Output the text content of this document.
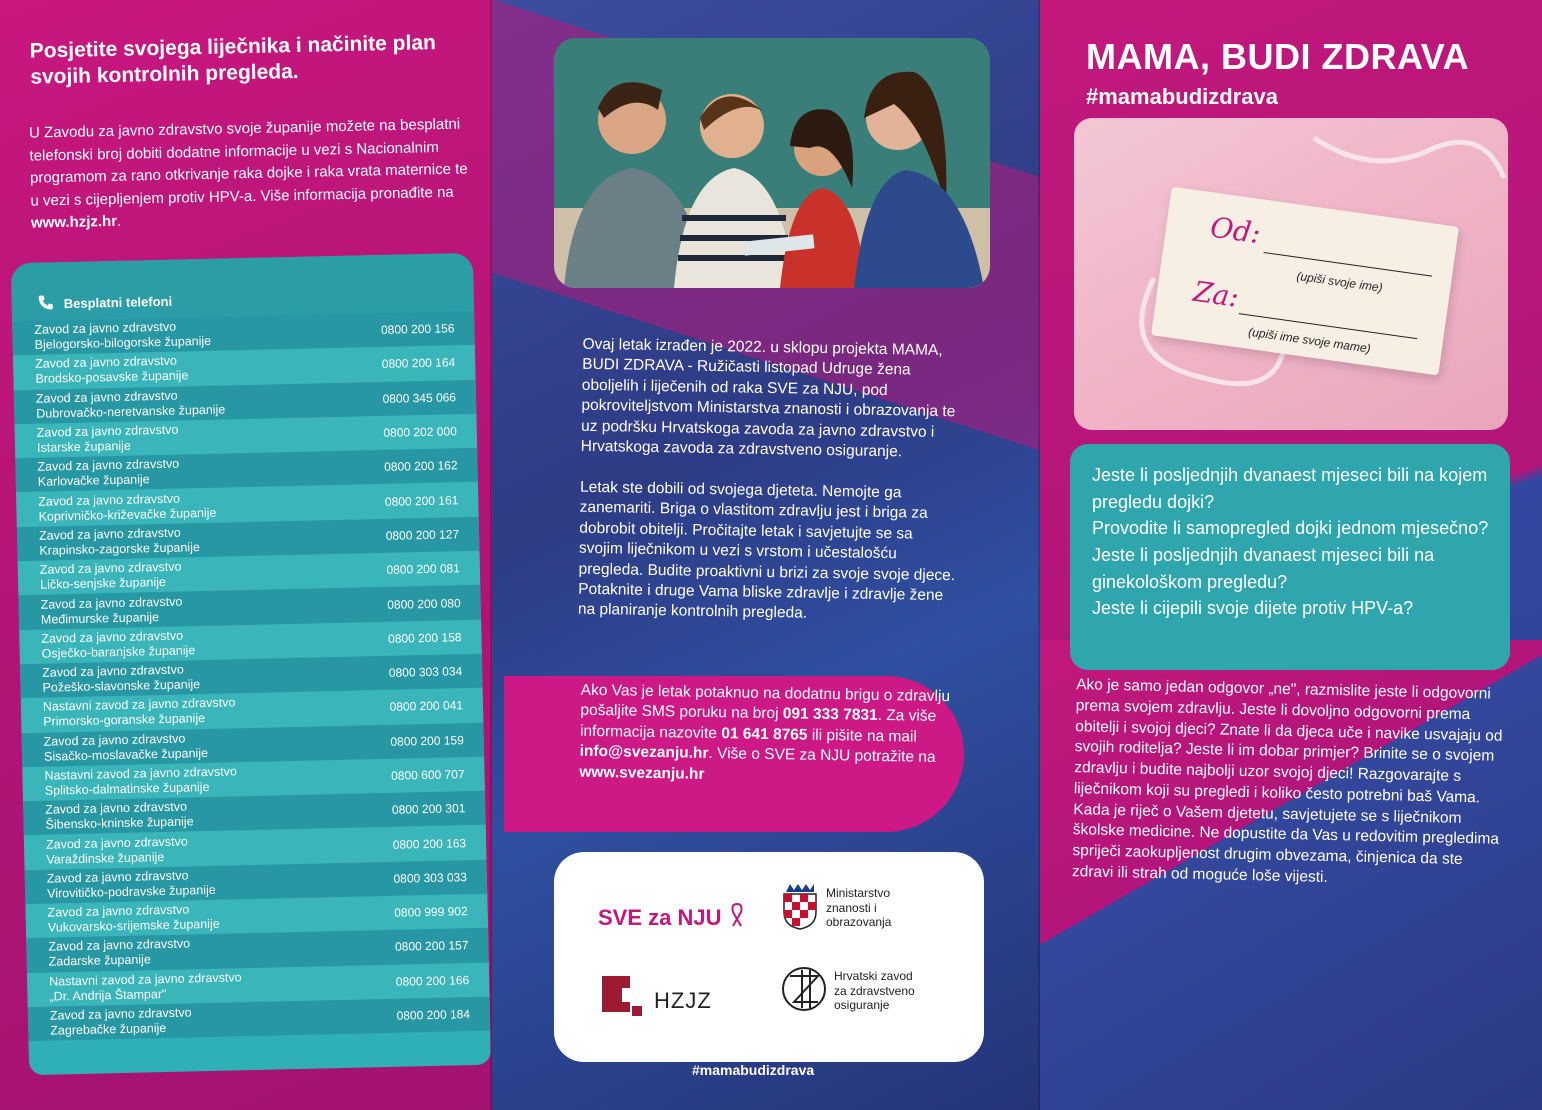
Posjetite svojega liječnika i načinite plan svojih kontrolnih pregleda.

U Zavodu za javno zdravstvo svoje županije možete na besplatni telefonski broj dobiti dodatne informacije u vezi s Nacionalnim programom za rano otkrivanje raka dojke i raka vrata maternice te u vezi s cijepljenjem protiv HPV-a. Više informacija pronađite na www.hzjz.hr.

Besplatni telefoni
Zavod za javno zdravstvo
Bjelogorsko-bilogorske županije
0800 200 156
Zavod za javno zdravstvo
Brodsko-posavske županije
0800 200 164
Zavod za javno zdravstvo
Dubrovačko-neretvanske županije
0800 345 066
Zavod za javno zdravstvo
Istarske županije
0800 202 000
Zavod za javno zdravstvo
Karlovačke županije
0800 200 162
Zavod za javno zdravstvo
Koprivničko-križevačke županije
0800 200 161
Zavod za javno zdravstvo
Krapinsko-zagorske županije
0800 200 127
Zavod za javno zdravstvo
Ličko-senjske županije
0800 200 081
Zavod za javno zdravstvo
Međimurske županije
0800 200 080
Zavod za javno zdravstvo
Osječko-baranjske županije
0800 200 158
Zavod za javno zdravstvo
Požeško-slavonske županije
0800 303 034
Nastavni zavod za javno zdravstvo
Primorsko-goranske županije
0800 200 041
Zavod za javno zdravstvo
Sisačko-moslavačke županije
0800 200 159
Nastavni zavod za javno zdravstvo
Splitsko-dalmatinske županije
0800 600 707
Zavod za javno zdravstvo
Šibensko-kninske županije
0800 200 301
Zavod za javno zdravstvo
Varaždinske županije
0800 200 163
Zavod za javno zdravstvo
Virovitičko-podravske županije
0800 303 033
Zavod za javno zdravstvo
Vukovarsko-srijemske županije
0800 999 902
Zavod za javno zdravstvo
Zadarske županije
0800 200 157
Nastavni zavod za javno zdravstvo
„Dr. Andrija Štampar"
0800 200 166
Zavod za javno zdravstvo
Zagrebačke županije
0800 200 184

Ovaj letak izrađen je 2022. u sklopu projekta MAMA, BUDI ZDRAVA - Ružičasti listopad Udruge žena oboljelih i liječenih od raka SVE za NJU, pod pokroviteljstvom Ministarstva znanosti i obrazovanja te uz podršku Hrvatskoga zavoda za javno zdravstvo i Hrvatskoga zavoda za zdravstveno osiguranje.

Letak ste dobili od svojega djeteta. Nemojte ga zanemariti. Briga o vlastitom zdravlju jest i briga za dobrobit obitelji. Pročitajte letak i savjetujte se sa svojim liječnikom u vezi s vrstom i učestalošću pregleda. Budite proaktivni u brizi za svoje svoje djece. Potaknite i druge Vama bliske zdravlje i zdravlje žene na planiranje kontrolnih pregleda.

Ako Vas je letak potaknuo na dodatnu brigu o zdravlju pošaljite SMS poruku na broj 091 333 7831. Za više informacija nazovite 01 641 8765 ili pišite na mail info@svezanju.hr. Više o SVE za NJU potražite na www.svezanju.hr

SVE za NJU
Ministarstvo znanosti i obrazovanja
HZJZ
Hrvatski zavod za zdravstveno osiguranje
#mamabudizdrava
MAMA, BUDI ZDRAVA
#mamabudizdrava
Od:
(upiši svoje ime)
Za:
(upiši ime svoje mame)

Jeste li posljednjih dvanaest mjeseci bili na kojem pregledu dojki?

Provodite li samopregled dojki jednom mjesečno?

Jeste li posljednjih dvanaest mjeseci bili na ginekološkom pregledu?

Jeste li cijepili svoje dijete protiv HPV-a?

Ako je samo jedan odgovor „ne", razmislite jeste li odgovorni prema svojem zdravlju. Jeste li dovoljno odgovorni prema obitelji i svojoj djeci? Znate li da djeca uče i navike usvajaju od svojih roditelja? Jeste li im dobar primjer? Brinite se o svojem zdravlju i budite najbolji uzor svojoj djeci! Razgovarajte s liječnikom koji su pregledi i koliko često potrebni baš Vama. Kada je riječ o Vašem djetetu, savjetujete se s liječnikom školske medicine. Ne dopustite da Vas u redovitim pregledima spriječi zaokupljenost drugim obvezama, činjenica da ste zdravi ili strah od moguće loše vijesti.
